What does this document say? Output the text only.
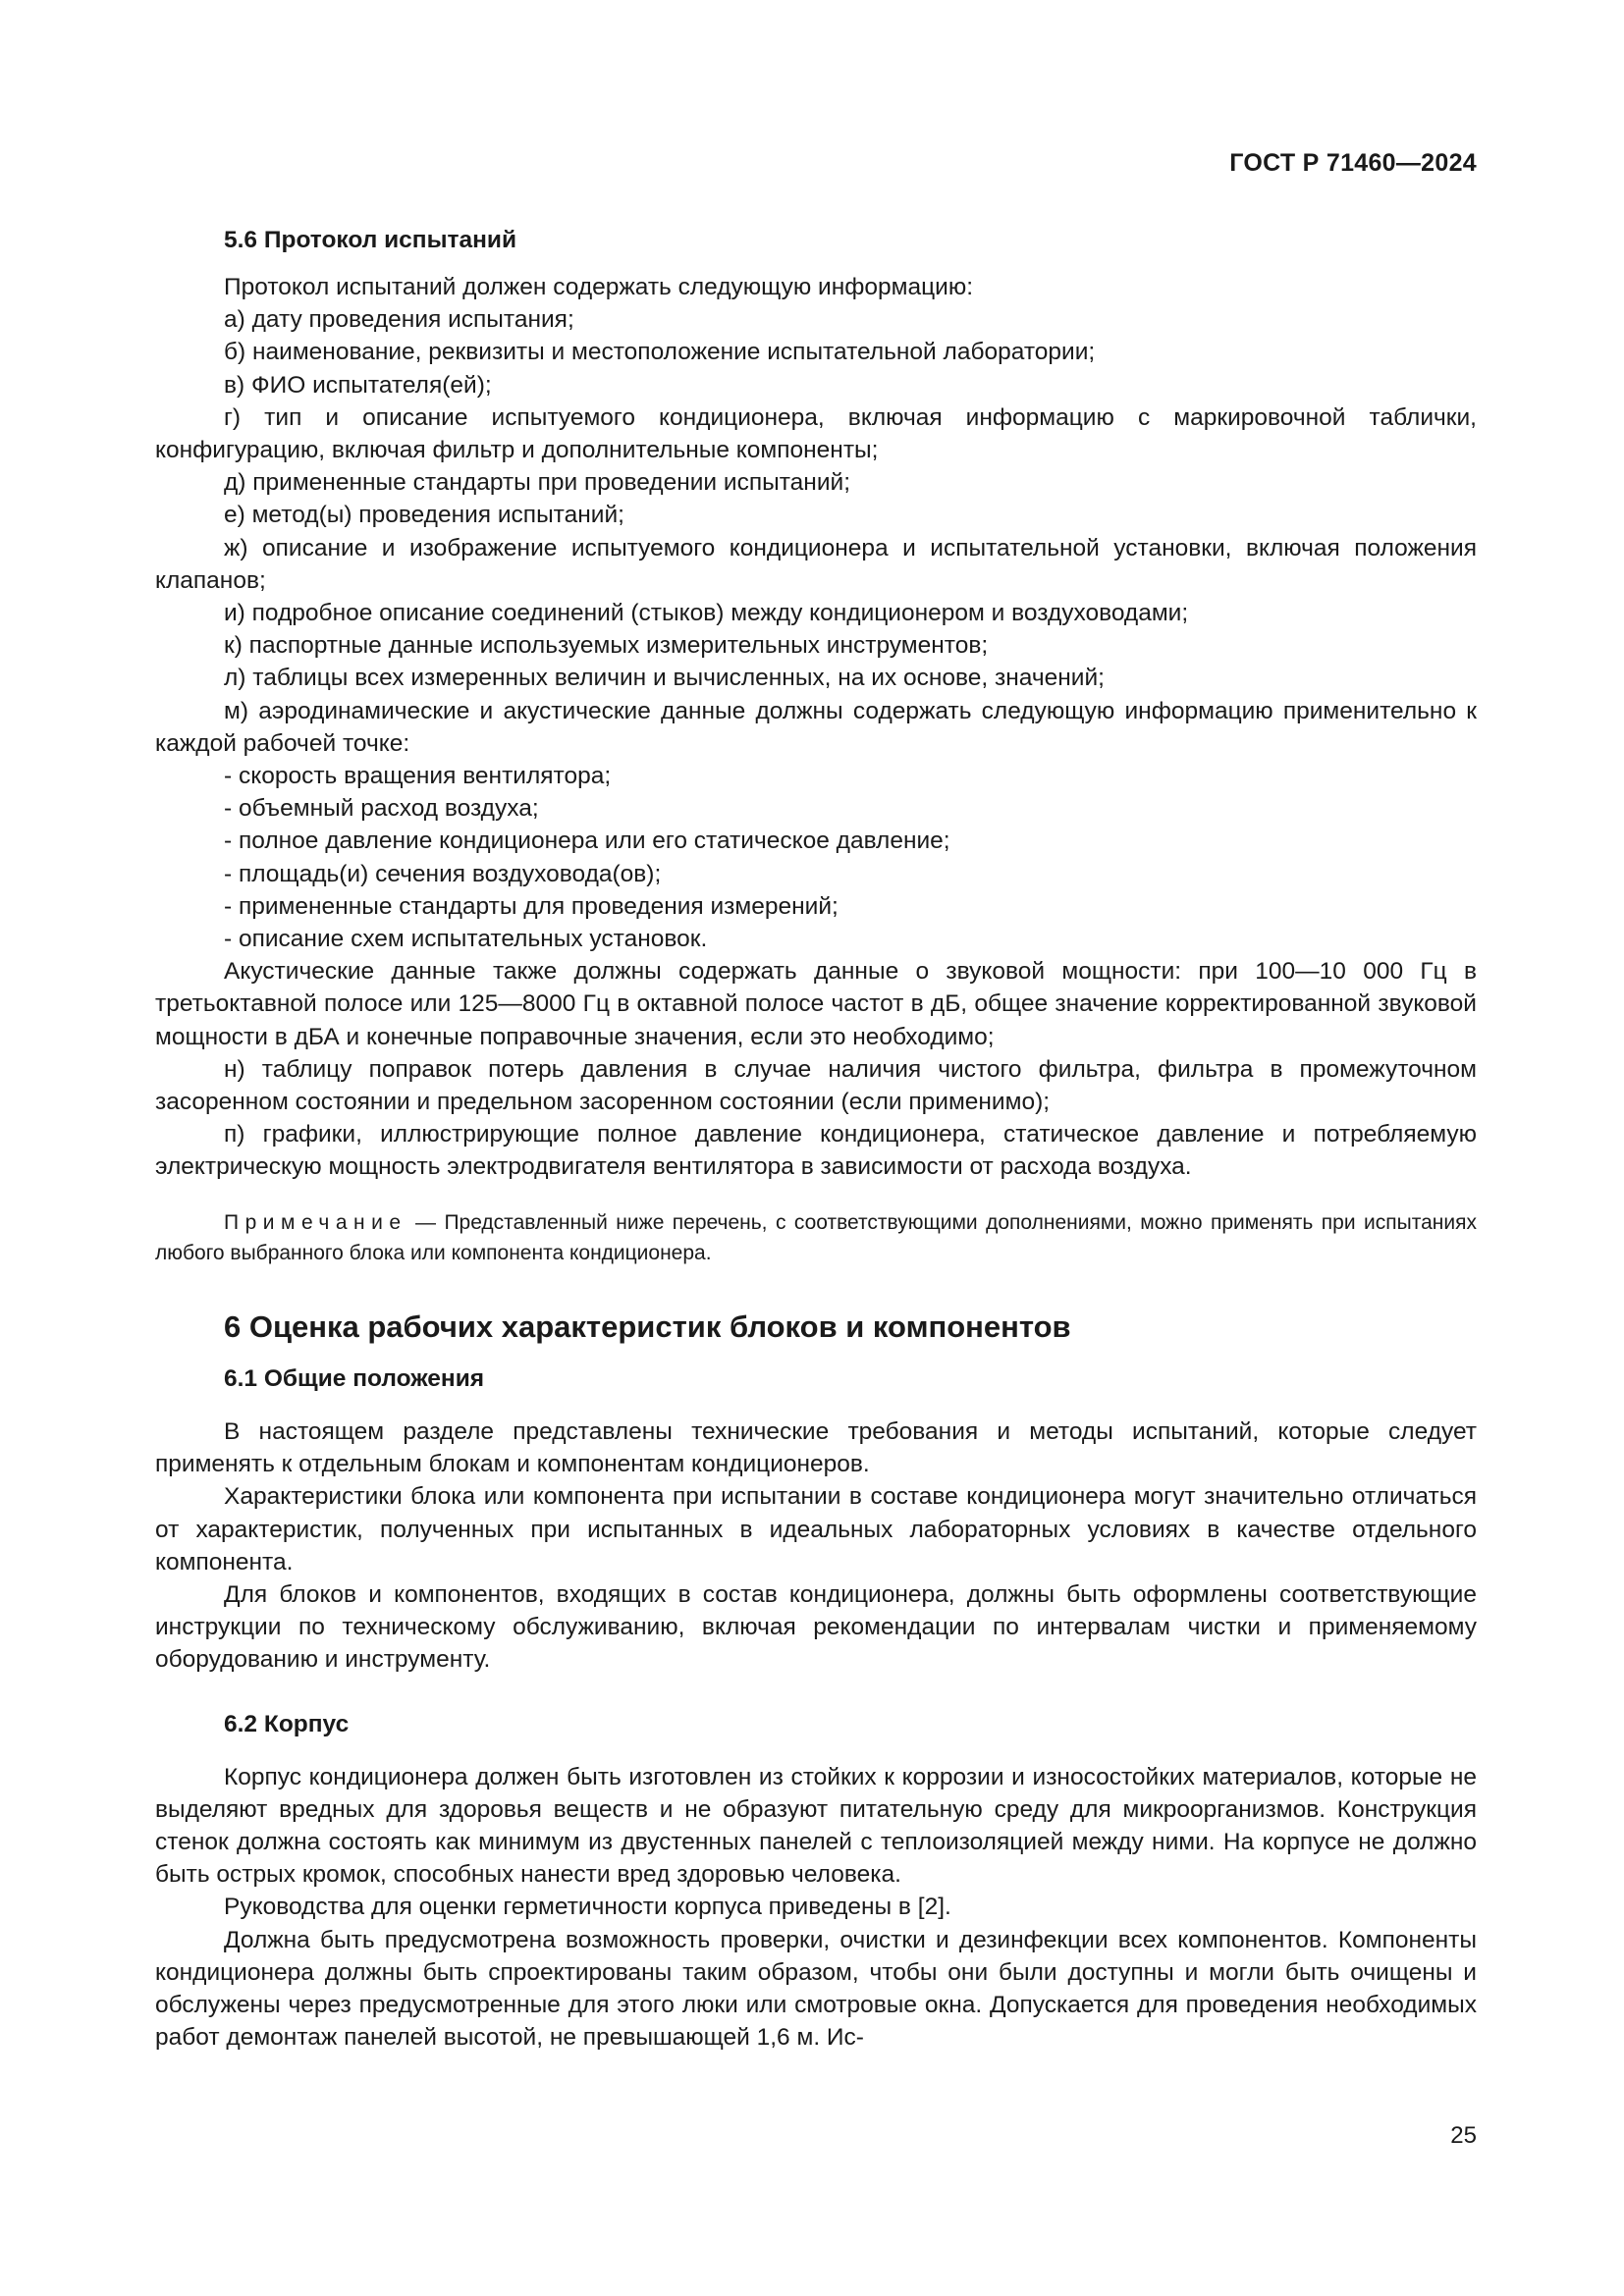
ГОСТ Р 71460—2024
5.6 Протокол испытаний

Протокол испытаний должен содержать следующую информацию:

а) дату проведения испытания;

б) наименование, реквизиты и местоположение испытательной лаборатории;

в) ФИО испытателя(ей);

г) тип и описание испытуемого кондиционера, включая информацию с маркировочной таблички, конфигурацию, включая фильтр и дополнительные компоненты;

д) примененные стандарты при проведении испытаний;

е) метод(ы) проведения испытаний;

ж) описание и изображение испытуемого кондиционера и испытательной установки, включая положения клапанов;

и) подробное описание соединений (стыков) между кондиционером и воздуховодами;

к) паспортные данные используемых измерительных инструментов;

л) таблицы всех измеренных величин и вычисленных, на их основе, значений;

м) аэродинамические и акустические данные должны содержать следующую информацию применительно к каждой рабочей точке:

- скорость вращения вентилятора;

- объемный расход воздуха;

- полное давление кондиционера или его статическое давление;

- площадь(и) сечения воздуховода(ов);

- примененные стандарты для проведения измерений;

- описание схем испытательных установок.

Акустические данные также должны содержать данные о звуковой мощности: при 100—10 000 Гц в третьоктавной полосе или 125—8000 Гц в октавной полосе частот в дБ, общее значение корректированной звуковой мощности в дБА и конечные поправочные значения, если это необходимо;

н) таблицу поправок потерь давления в случае наличия чистого фильтра, фильтра в промежуточном засоренном состоянии и предельном засоренном состоянии (если применимо);

п) графики, иллюстрирующие полное давление кондиционера, статическое давление и потребляемую электрическую мощность электродвигателя вентилятора в зависимости от расхода воздуха.

Примечание — Представленный ниже перечень, с соответствующими дополнениями, можно применять при испытаниях любого выбранного блока или компонента кондиционера.

6 Оценка рабочих характеристик блоков и компонентов
6.1 Общие положения

В настоящем разделе представлены технические требования и методы испытаний, которые следует применять к отдельным блокам и компонентам кондиционеров.

Характеристики блока или компонента при испытании в составе кондиционера могут значительно отличаться от характеристик, полученных при испытанных в идеальных лабораторных условиях в качестве отдельного компонента.

Для блоков и компонентов, входящих в состав кондиционера, должны быть оформлены соответствующие инструкции по техническому обслуживанию, включая рекомендации по интервалам чистки и применяемому оборудованию и инструменту.

6.2 Корпус

Корпус кондиционера должен быть изготовлен из стойких к коррозии и износостойких материалов, которые не выделяют вредных для здоровья веществ и не образуют питательную среду для микроорганизмов. Конструкция стенок должна состоять как минимум из двустенных панелей с теплоизоляцией между ними. На корпусе не должно быть острых кромок, способных нанести вред здоровью человека.

Руководства для оценки герметичности корпуса приведены в [2].

Должна быть предусмотрена возможность проверки, очистки и дезинфекции всех компонентов. Компоненты кондиционера должны быть спроектированы таким образом, чтобы они были доступны и могли быть очищены и обслужены через предусмотренные для этого люки или смотровые окна. Допускается для проведения необходимых работ демонтаж панелей высотой, не превышающей 1,6 м. Ис-

25
